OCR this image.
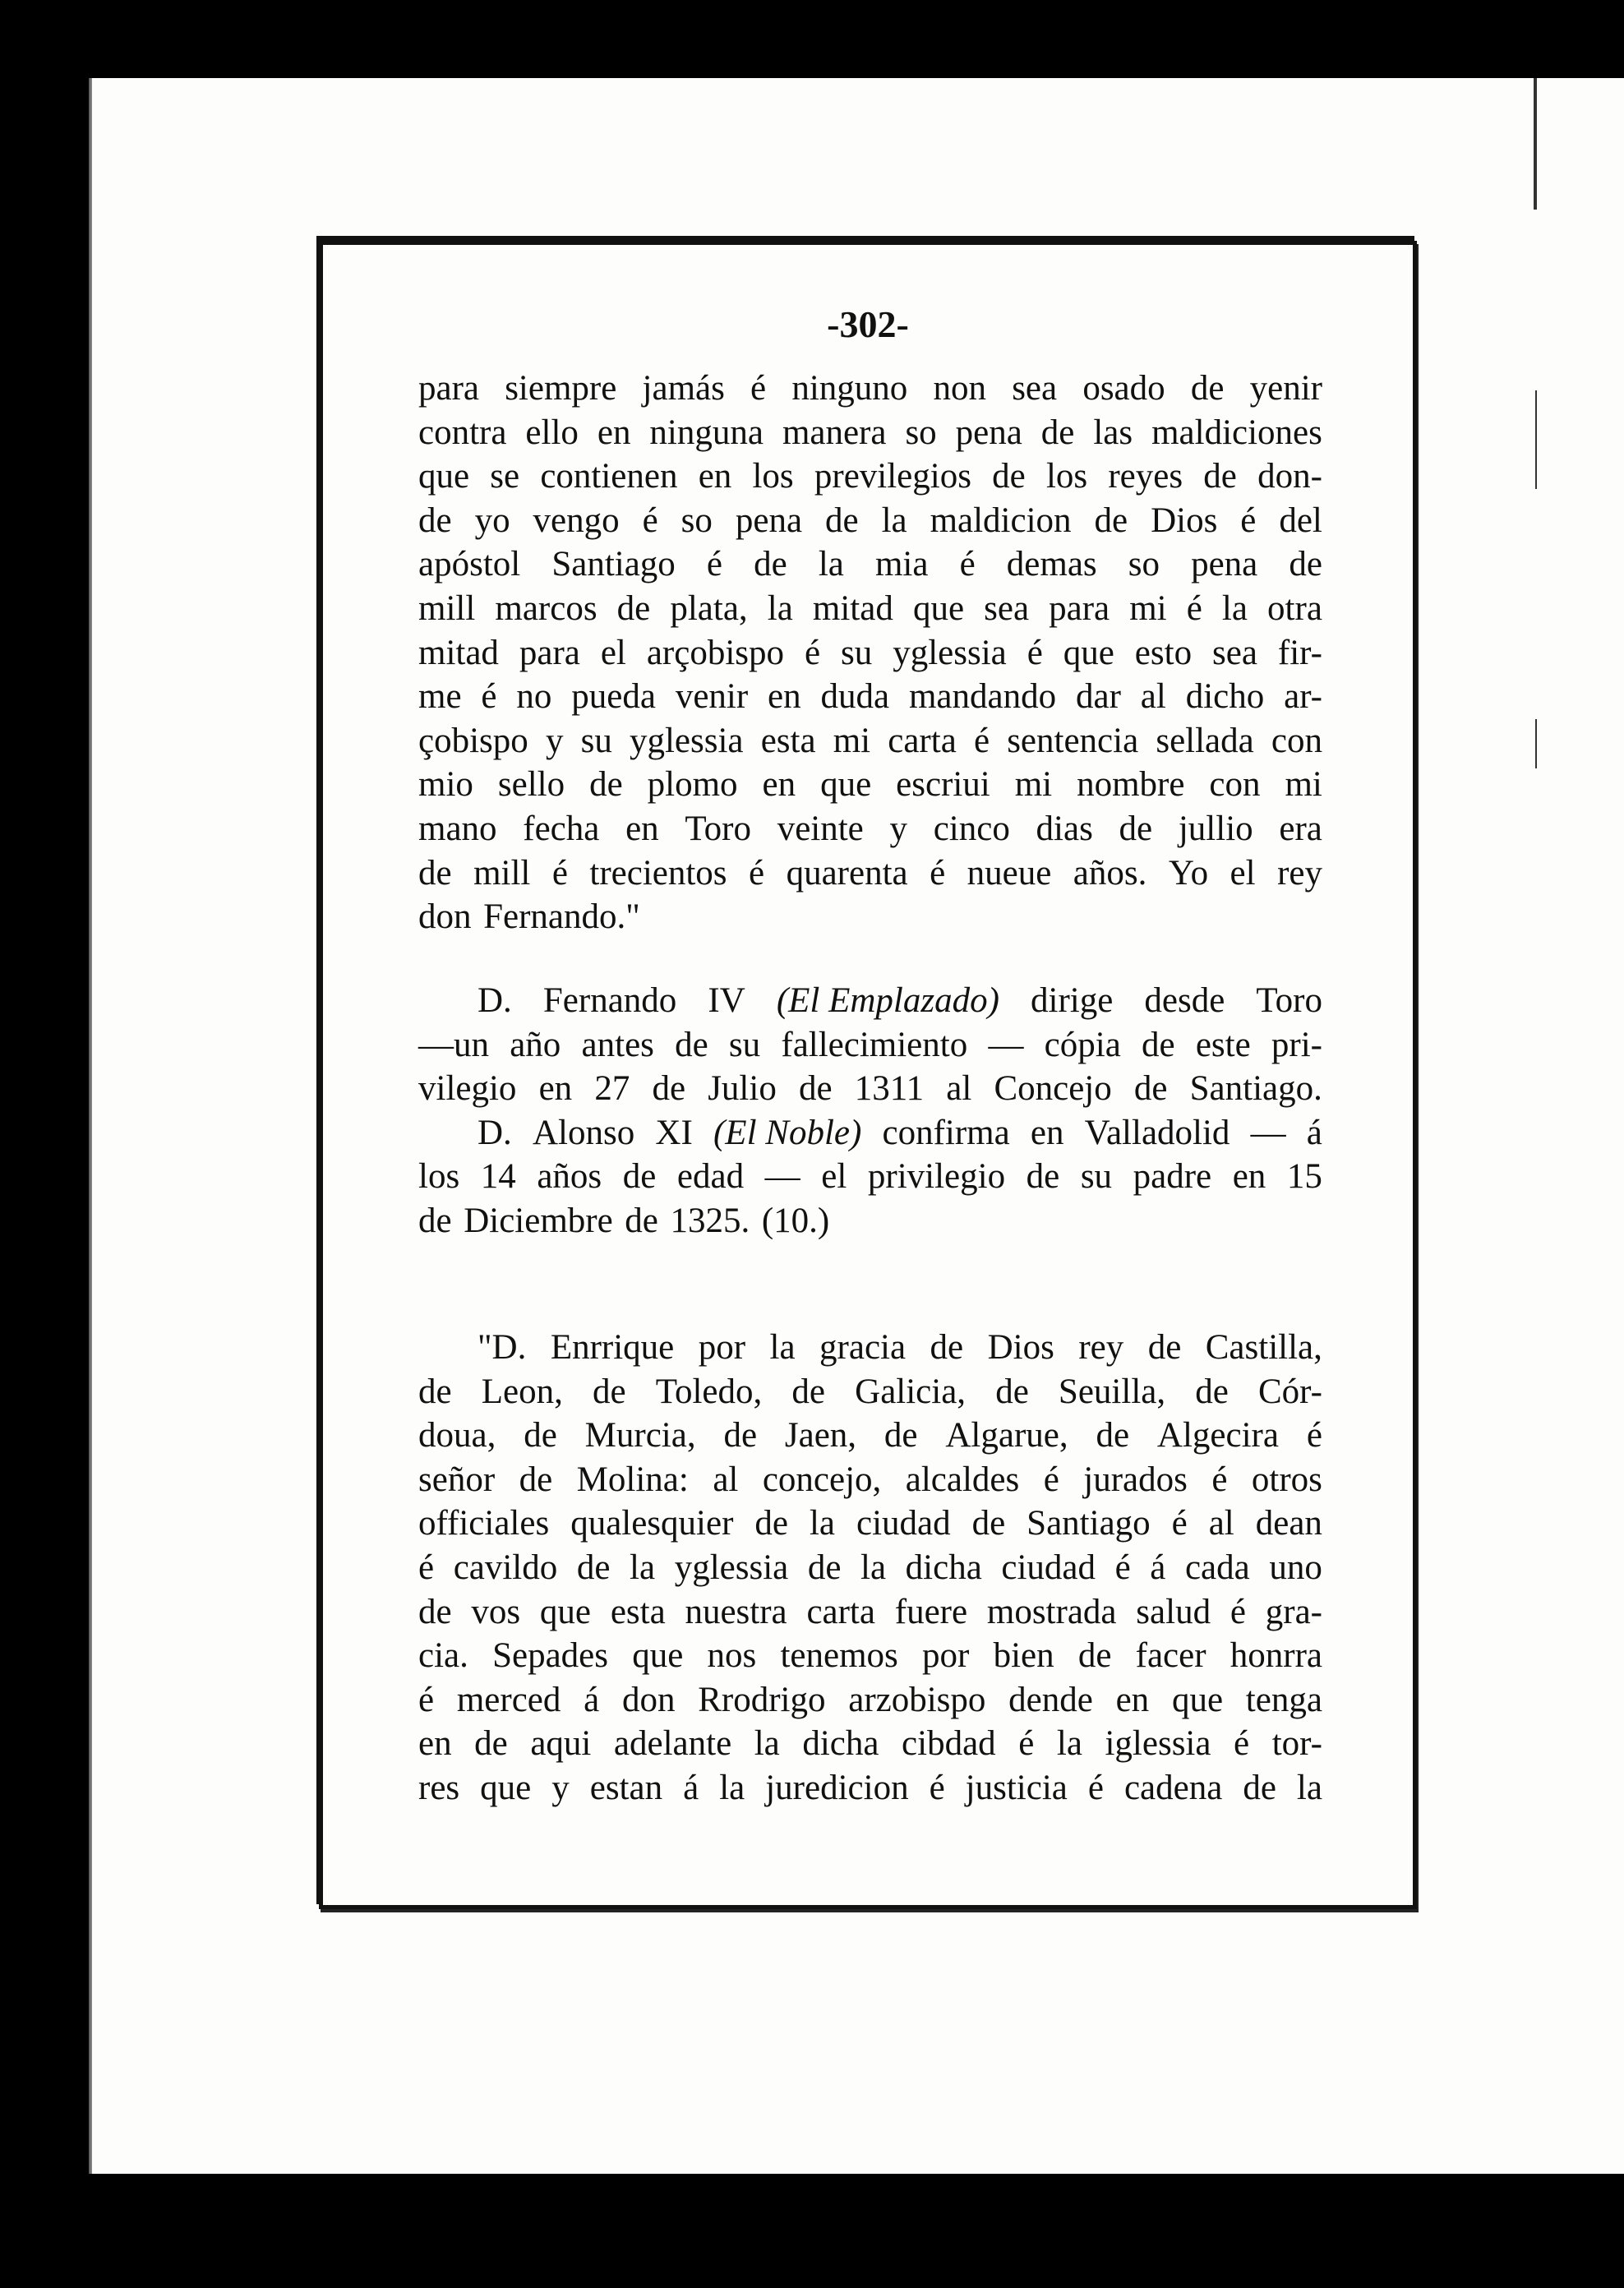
-302-
para siempre jamás é ninguno non sea osado de yenir
contra ello en ninguna manera so pena de las maldiciones
que se contienen en los previlegios de los reyes de don-
de yo vengo é so pena de la maldicion de Dios é del
apóstol Santiago é de la mia é demas so pena de
mill marcos de plata, la mitad que sea para mi é la otra
mitad para el arçobispo é su yglessia é que esto sea fir-
me é no pueda venir en duda mandando dar al dicho ar-
çobispo y su yglessia esta mi carta é sentencia sellada con
mio sello de plomo en que escriui mi nombre con mi
mano fecha en Toro veinte y cinco dias de jullio era
de mill é trecientos é quarenta é nueue años. Yo el rey
don Fernando."
D. Fernando IV (El Emplazado) dirige desde Toro
—un año antes de su fallecimiento — cópia de este pri-
vilegio en 27 de Julio de 1311 al Concejo de Santiago.
D. Alonso XI (El Noble) confirma en Valladolid — á
los 14 años de edad — el privilegio de su padre en 15
de Diciembre de 1325. (10.)
"D. Enrrique por la gracia de Dios rey de Castilla,
de Leon, de Toledo, de Galicia, de Seuilla, de Cór-
doua, de Murcia, de Jaen, de Algarue, de Algecira é
señor de Molina: al concejo, alcaldes é jurados é otros
officiales qualesquier de la ciudad de Santiago é al dean
é cavildo de la yglessia de la dicha ciudad é á cada uno
de vos que esta nuestra carta fuere mostrada salud é gra-
cia. Sepades que nos tenemos por bien de facer honrra
é merced á don Rrodrigo arzobispo dende en que tenga
en de aqui adelante la dicha cibdad é la iglessia é tor-
res que y estan á la juredicion é justicia é cadena de la
